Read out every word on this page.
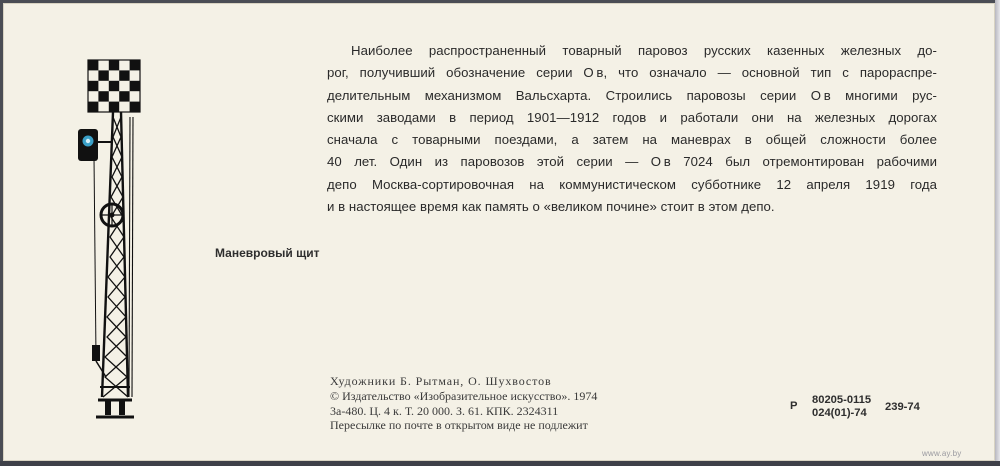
Наиболее распространенный товарный паровоз русских казенных железных до-
рог, получивший обозначение серии О в, что означало — основной тип с парораспре-
делительным механизмом Вальсхарта. Строились паровозы серии О в многими рус-
скими заводами в период 1901—1912 годов и работали они на железных дорогах
сначала с товарными поездами, а затем на маневрах в общей сложности более
40 лет. Один из паровозов этой серии — О в 7024 был отремонтирован рабочими
депо Москва-сортировочная на коммунистическом субботнике 12 апреля 1919 года
и в настоящее время как память о «великом почине» стоит в этом депо.

Маневровый щит
Художники Б. Рытман, О. Шухвостов
© Издательство «Изобразительное искусство». 1974
3а-480. Ц. 4 к. Т. 20 000. З. 61. КПК. 2324311
Пересылке по почте в открытом виде не подлежит
Р 80205-0115
024(01)-74 239-74
www.ay.by
